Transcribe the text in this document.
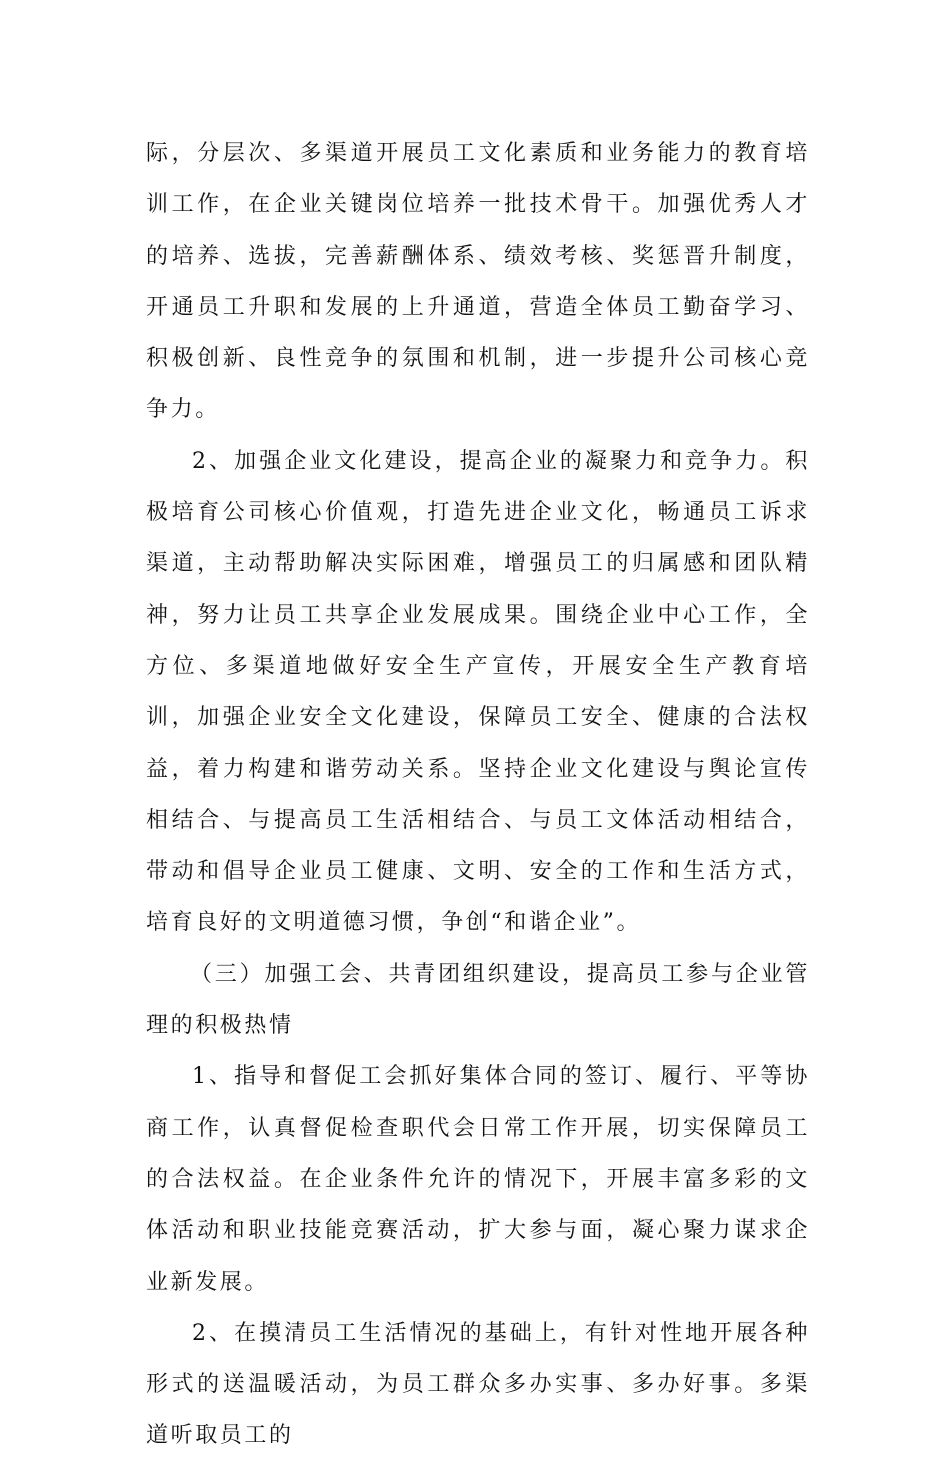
际，分层次、多渠道开展员工文化素质和业务能力的教育培训工作，在企业关键岗位培养一批技术骨干。加强优秀人才的培养、选拔，完善薪酬体系、绩效考核、奖惩晋升制度，开通员工升职和发展的上升通道，营造全体员工勤奋学习、积极创新、良性竞争的氛围和机制，进一步提升公司核心竞争力。

2、加强企业文化建设，提高企业的凝聚力和竞争力。积极培育公司核心价值观，打造先进企业文化，畅通员工诉求渠道，主动帮助解决实际困难，增强员工的归属感和团队精神，努力让员工共享企业发展成果。围绕企业中心工作，全方位、多渠道地做好安全生产宣传，开展安全生产教育培训，加强企业安全文化建设，保障员工安全、健康的合法权益，着力构建和谐劳动关系。坚持企业文化建设与舆论宣传相结合、与提高员工生活相结合、与员工文体活动相结合，带动和倡导企业员工健康、文明、安全的工作和生活方式，培育良好的文明道德习惯，争创“和谐企业”。

（三）加强工会、共青团组织建设，提高员工参与企业管理的积极热情

1、指导和督促工会抓好集体合同的签订、履行、平等协商工作，认真督促检查职代会日常工作开展，切实保障员工的合法权益。在企业条件允许的情况下，开展丰富多彩的文体活动和职业技能竞赛活动，扩大参与面，凝心聚力谋求企业新发展。

2、在摸清员工生活情况的基础上，有针对性地开展各种形式的送温暖活动，为员工群众多办实事、多办好事。多渠道听取员工的
